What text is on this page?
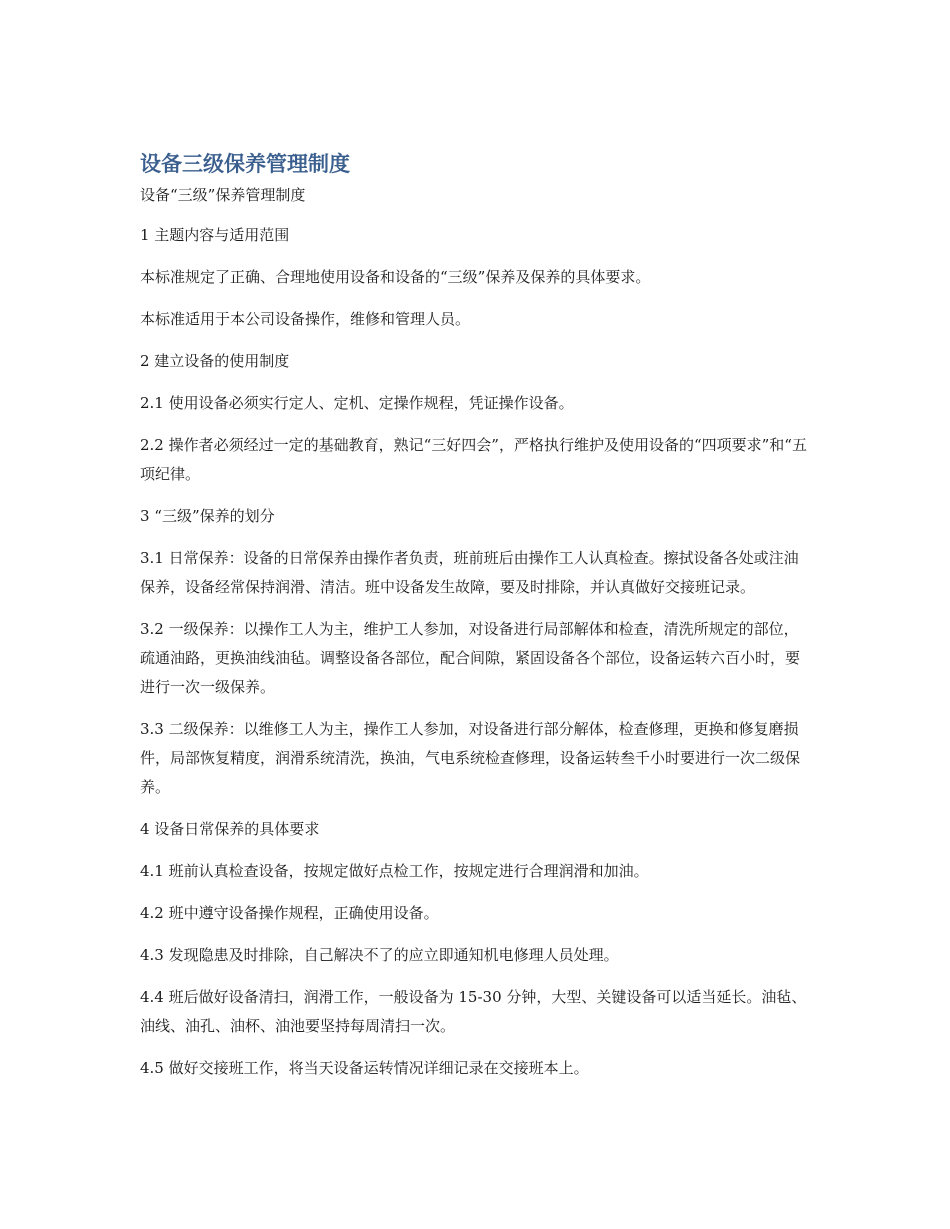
设备三级保养管理制度

设备“三级”保养管理制度

1 主题内容与适用范围

本标准规定了正确、合理地使用设备和设备的“三级”保养及保养的具体要求。

本标准适用于本公司设备操作，维修和管理人员。

2 建立设备的使用制度

2.1 使用设备必须实行定人、定机、定操作规程，凭证操作设备。

2.2 操作者必须经过一定的基础教育，熟记“三好四会”，严格执行维护及使用设备的“四项要求”和“五项纪律。

3 “三级”保养的划分

3.1 日常保养：设备的日常保养由操作者负责，班前班后由操作工人认真检查。擦拭设备各处或注油保养，设备经常保持润滑、清洁。班中设备发生故障，要及时排除，并认真做好交接班记录。

3.2 一级保养：以操作工人为主，维护工人参加，对设备进行局部解体和检查，清洗所规定的部位，疏通油路，更换油线油毡。调整设备各部位，配合间隙，紧固设备各个部位，设备运转六百小时，要进行一次一级保养。

3.3 二级保养：以维修工人为主，操作工人参加，对设备进行部分解体，检查修理，更换和修复磨损件，局部恢复精度，润滑系统清洗，换油，气电系统检查修理，设备运转叁千小时要进行一次二级保养。

4 设备日常保养的具体要求

4.1 班前认真检查设备，按规定做好点检工作，按规定进行合理润滑和加油。

4.2 班中遵守设备操作规程，正确使用设备。

4.3 发现隐患及时排除，自己解决不了的应立即通知机电修理人员处理。

4.4 班后做好设备清扫，润滑工作，一般设备为 15-30 分钟，大型、关键设备可以适当延长。油毡、油线、油孔、油杯、油池要坚持每周清扫一次。

4.5 做好交接班工作，将当天设备运转情况详细记录在交接班本上。
